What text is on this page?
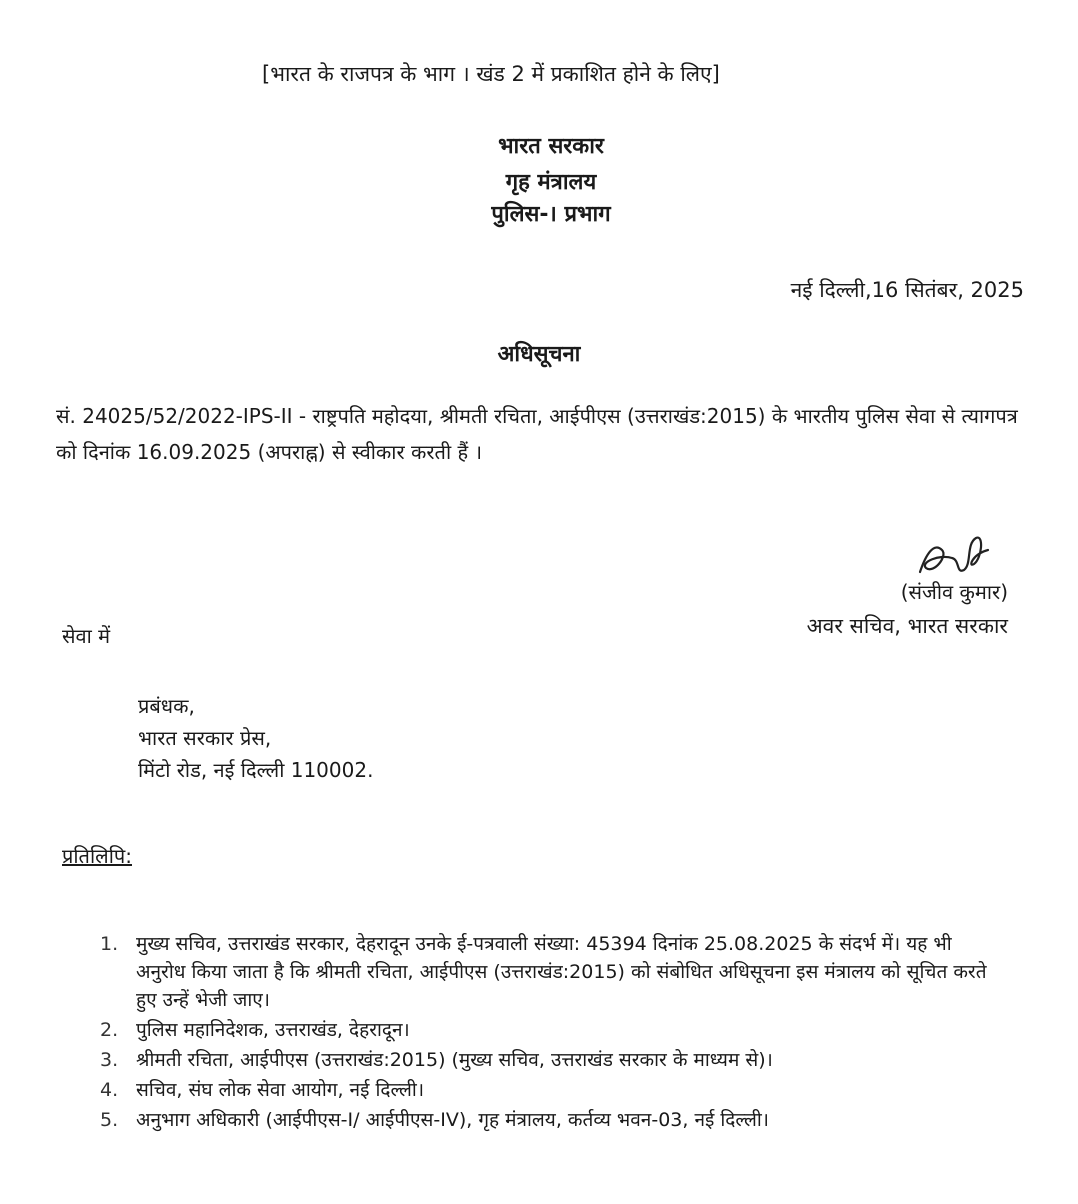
[भारत के राजपत्र के भाग । खंड 2 में प्रकाशित होने के लिए]
भारत सरकार
गृह मंत्रालय
पुलिस-। प्रभाग
नई दिल्ली,16 सितंबर, 2025
अधिसूचना
सं. 24025/52/2022-IPS-II - राष्ट्रपति महोदया, श्रीमती रचिता, आईपीएस (उत्तराखंड:2015) के भारतीय पुलिस सेवा से त्यागपत्र को दिनांक 16.09.2025 (अपराह्न) से स्वीकार करती हैं ।
(संजीव कुमार)
अवर सचिव, भारत सरकार
सेवा में
प्रबंधक,
भारत सरकार प्रेस,
मिंटो रोड, नई दिल्ली 110002.
प्रतिलिपि:
1. मुख्य सचिव, उत्तराखंड सरकार, देहरादून उनके ई-पत्रवाली संख्या: 45394 दिनांक 25.08.2025 के संदर्भ में। यह भी अनुरोध किया जाता है कि श्रीमती रचिता, आईपीएस (उत्तराखंड:2015) को संबोधित अधिसूचना इस मंत्रालय को सूचित करते हुए उन्हें भेजी जाए।
2. पुलिस महानिदेशक, उत्तराखंड, देहरादून।
3. श्रीमती रचिता, आईपीएस (उत्तराखंड:2015) (मुख्य सचिव, उत्तराखंड सरकार के माध्यम से)।
4. सचिव, संघ लोक सेवा आयोग, नई दिल्ली।
5. अनुभाग अधिकारी (आईपीएस-I/ आईपीएस-IV), गृह मंत्रालय, कर्तव्य भवन-03, नई दिल्ली।
